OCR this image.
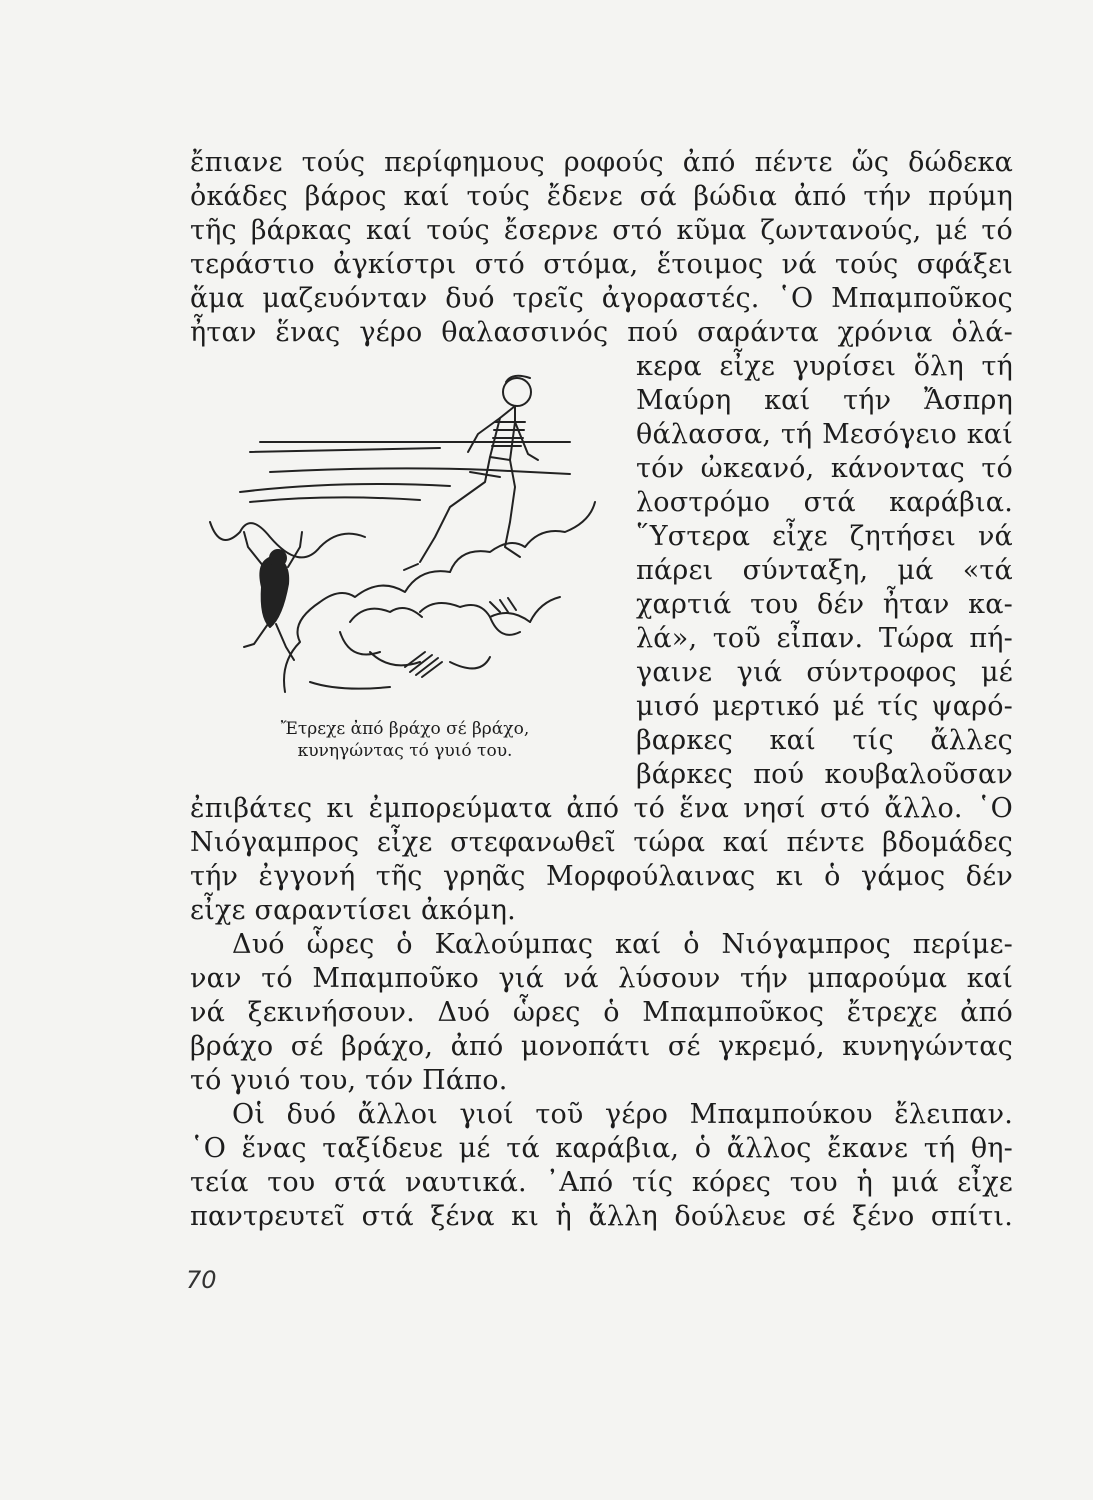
ἔπιανε τούς περίφημους ροφούς ἀπό πέντε ὥς δώδεκα
ὀκάδες βάρος καί τούς ἔδενε σά βώδια ἀπό τήν πρύμη
τῆς βάρκας καί τούς ἔσερνε στό κῦμα ζωντανούς, μέ τό
τεράστιο ἀγκίστρι στό στόμα, ἕτοιμος νά τούς σφάξει
ἅμα μαζευόνταν δυό τρεῖς ἀγοραστές. ῾Ο Μπαμποῦκος
ἦταν ἕνας γέρο θαλασσινός πού σαράντα χρόνια ὁλά-
κερα εἶχε γυρίσει ὅλη τή
Μαύρη καί τήν Ἄσπρη
θάλασσα, τή Μεσόγειο καί
τόν ὠκεανό, κάνοντας τό
λοστρόμο στά καράβια.
῞Υστερα εἶχε ζητήσει νά
πάρει σύνταξη, μά «τά
χαρτιά του δέν ἦταν κα-
λά», τοῦ εἶπαν. Τώρα πή-
γαινε γιά σύντροφος μέ
μισό μερτικό μέ τίς ψαρό-
βαρκες καί τίς ἄλλες
βάρκες πού κουβαλοῦσαν
Ἔτρεχε ἀπό βράχο σέ βράχο,
κυνηγώντας τό γυιό του.
ἐπιβάτες κι ἐμπορεύματα ἀπό τό ἕνα νησί στό ἄλλο. ῾Ο
Νιόγαμπρος εἶχε στεφανωθεῖ τώρα καί πέντε βδομάδες
τήν ἐγγονή τῆς γρηᾶς Μορφούλαινας κι ὁ γάμος δέν
εἶχε σαραντίσει ἀκόμη.
Δυό ὧρες ὁ Καλούμπας καί ὁ Νιόγαμπρος περίμε-
ναν τό Μπαμποῦκο γιά νά λύσουν τήν μπαρούμα καί
νά ξεκινήσουν. Δυό ὧρες ὁ Μπαμποῦκος ἔτρεχε ἀπό
βράχο σέ βράχο, ἀπό μονοπάτι σέ γκρεμό, κυνηγώντας
τό γυιό του, τόν Πάπο.
Οἱ δυό ἄλλοι γιοί τοῦ γέρο Μπαμπούκου ἔλειπαν.
῾Ο ἕνας ταξίδευε μέ τά καράβια, ὁ ἄλλος ἔκανε τή θη-
τεία του στά ναυτικά. ᾿Από τίς κόρες του ἡ μιά εἶχε
παντρευτεῖ στά ξένα κι ἡ ἄλλη δούλευε σέ ξένο σπίτι.
70
